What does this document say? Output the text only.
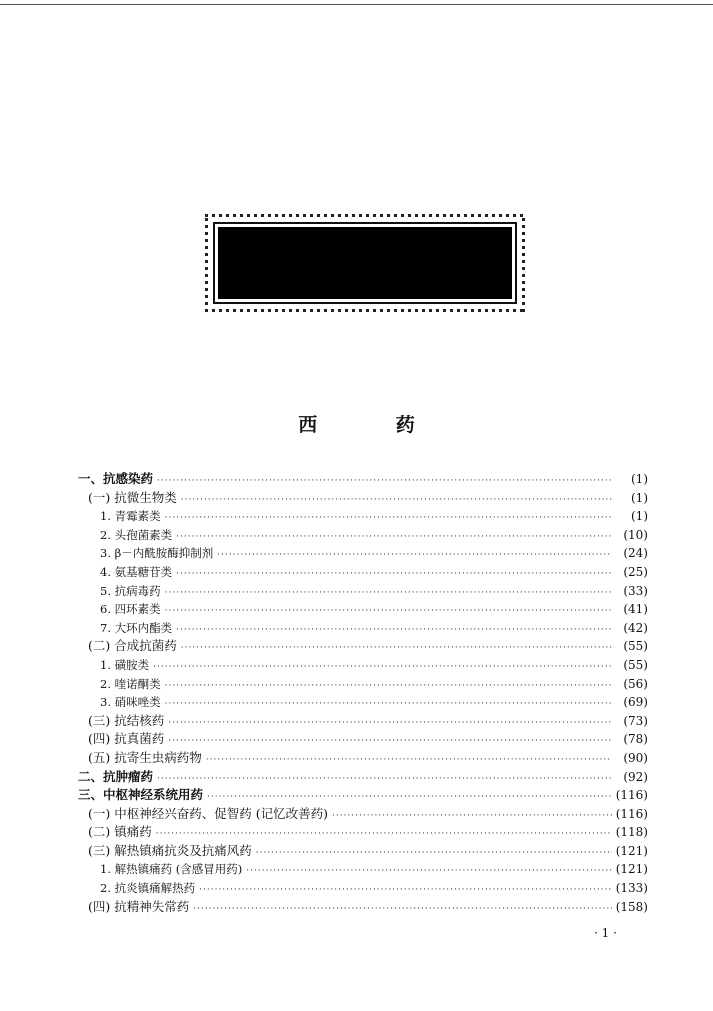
西 药
一、抗感染药 ·····	(1)
(一) 抗微生物类 ·····	(1)
1. 青霉素类 ·····	(1)
2. 头孢菌素类 ·····	(10)
3. β－内酰胺酶抑制剂 ·····	(24)
4. 氨基糖苷类 ·····	(25)
5. 抗病毒药 ·····	(33)
6. 四环素类 ·····	(41)
7. 大环内酯类 ·····	(42)
(二) 合成抗菌药 ·····	(55)
1. 磺胺类 ·····	(55)
2. 喹诺酮类 ·····	(56)
3. 硝咪唑类 ·····	(69)
(三) 抗结核药 ·····	(73)
(四) 抗真菌药 ·····	(78)
(五) 抗寄生虫病药物 ·····	(90)
二、抗肿瘤药 ·····	(92)
三、中枢神经系统用药 ·····	(116)
(一) 中枢神经兴奋药、促智药 (记忆改善药) ·····	(116)
(二) 镇痛药 ·····	(118)
(三) 解热镇痛抗炎及抗痛风药 ·····	(121)
1. 解热镇痛药 (含感冒用药) ·····	(121)
2. 抗炎镇痛解热药 ·····	(133)
(四) 抗精神失常药 ·····	(158)
· 1 ·
